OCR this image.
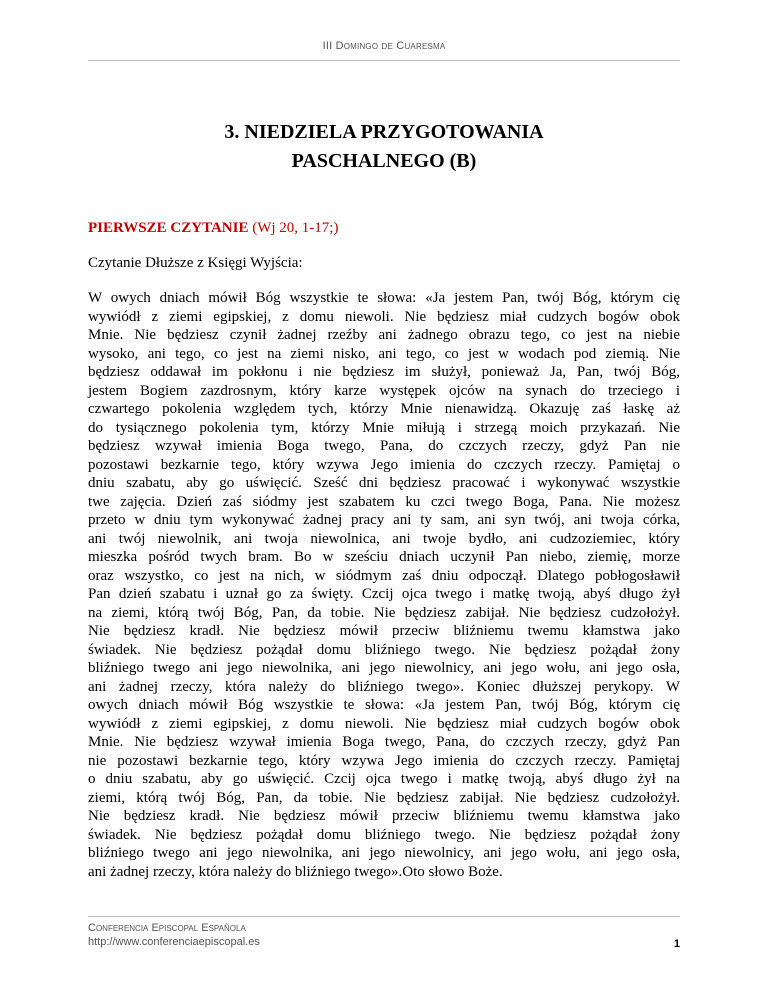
III Domingo de Cuaresma
3. NIEDZIELA PRZYGOTOWANIA
PASCHALNEGO (B)
PIERWSZE CZYTANIE (Wj 20, 1-17;)
Czytanie Dłuższe z Księgi Wyjścia:
W owych dniach mówił Bóg wszystkie te słowa: «Ja jestem Pan, twój Bóg, którym cię
wywiódł z ziemi egipskiej, z domu niewoli. Nie będziesz miał cudzych bogów obok
Mnie. Nie będziesz czynił żadnej rzeźby ani żadnego obrazu tego, co jest na niebie
wysoko, ani tego, co jest na ziemi nisko, ani tego, co jest w wodach pod ziemią. Nie
będziesz oddawał im pokłonu i nie będziesz im służył, ponieważ Ja, Pan, twój Bóg,
jestem Bogiem zazdrosnym, który karze występek ojców na synach do trzeciego i
czwartego pokolenia względem tych, którzy Mnie nienawidzą. Okazuję zaś łaskę aż
do tysiącznego pokolenia tym, którzy Mnie miłują i strzegą moich przykazań. Nie
będziesz wzywał imienia Boga twego, Pana, do czczych rzeczy, gdyż Pan nie
pozostawi bezkarnie tego, który wzywa Jego imienia do czczych rzeczy. Pamiętaj o
dniu szabatu, aby go uświęcić. Sześć dni będziesz pracować i wykonywać wszystkie
twe zajęcia. Dzień zaś siódmy jest szabatem ku czci twego Boga, Pana. Nie możesz
przeto w dniu tym wykonywać żadnej pracy ani ty sam, ani syn twój, ani twoja córka,
ani twój niewolnik, ani twoja niewolnica, ani twoje bydło, ani cudzoziemiec, który
mieszka pośród twych bram. Bo w sześciu dniach uczynił Pan niebo, ziemię, morze
oraz wszystko, co jest na nich, w siódmym zaś dniu odpoczął. Dlatego pobłogosławił
Pan dzień szabatu i uznał go za święty. Czcij ojca twego i matkę twoją, abyś długo żył
na ziemi, którą twój Bóg, Pan, da tobie. Nie będziesz zabijał. Nie będziesz cudzołożył.
Nie będziesz kradł. Nie będziesz mówił przeciw bliźniemu twemu kłamstwa jako
świadek. Nie będziesz pożądał domu bliźniego twego. Nie będziesz pożądał żony
bliźniego twego ani jego niewolnika, ani jego niewolnicy, ani jego wołu, ani jego osła,
ani żadnej rzeczy, która należy do bliźniego twego». Koniec dłuższej perykopy. W
owych dniach mówił Bóg wszystkie te słowa: «Ja jestem Pan, twój Bóg, którym cię
wywiódł z ziemi egipskiej, z domu niewoli. Nie będziesz miał cudzych bogów obok
Mnie. Nie będziesz wzywał imienia Boga twego, Pana, do czczych rzeczy, gdyż Pan
nie pozostawi bezkarnie tego, który wzywa Jego imienia do czczych rzeczy. Pamiętaj
o dniu szabatu, aby go uświęcić. Czcij ojca twego i matkę twoją, abyś długo żył na
ziemi, którą twój Bóg, Pan, da tobie. Nie będziesz zabijał. Nie będziesz cudzołożył.
Nie będziesz kradł. Nie będziesz mówił przeciw bliźniemu twemu kłamstwa jako
świadek. Nie będziesz pożądał domu bliźniego twego. Nie będziesz pożądał żony
bliźniego twego ani jego niewolnika, ani jego niewolnicy, ani jego wołu, ani jego osła,
ani żadnej rzeczy, która należy do bliźniego twego».Oto słowo Boże.
Conferencia Episcopal Española
http://www.conferenciaepiscopal.es	1
